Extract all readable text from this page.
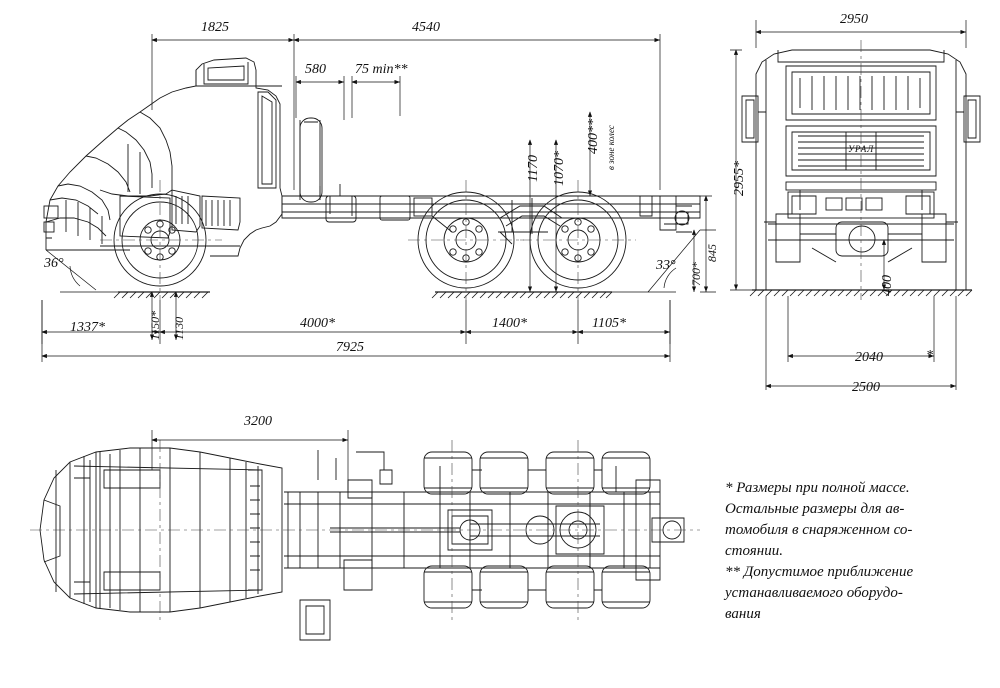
1825	4540
580 75 min**
1170 1070*
400** в зоне колес
845
700*
36°	33°
1150* 1130
1337*	4000*	1400*	1105*
7925
2950
2955*
400
2040	*
2500
3200
УРАЛ

* Размеры при полной массе.

Остальные размеры для ав-

томобиля в снаряженном со-

стоянии.

** Допустимое приближение

устанавливаемого оборудо-

вания
